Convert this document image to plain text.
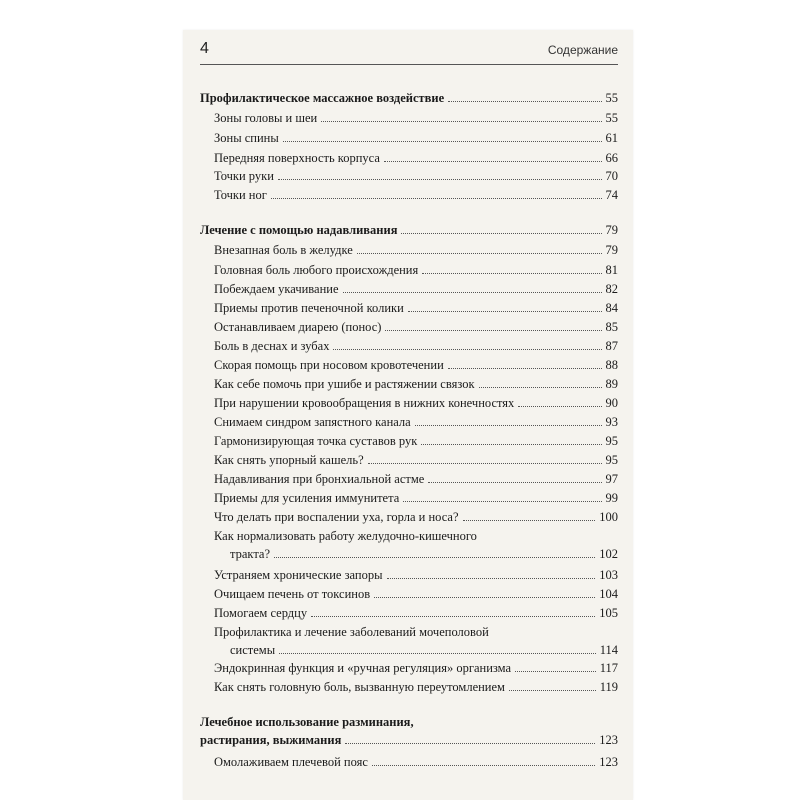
4	Содержание
Профилактическое массажное воздействие	55
Зоны головы и шеи	55
Зоны спины	61
Передняя поверхность корпуса	66
Точки руки	70
Точки ног	74
Лечение с помощью надавливания	79
Внезапная боль в желудке	79
Головная боль любого происхождения	81
Побеждаем укачивание	82
Приемы против печеночной колики	84
Останавливаем диарею (понос)	85
Боль в деснах и зубах	87
Скорая помощь при носовом кровотечении	88
Как себе помочь при ушибе и растяжении связок	89
При нарушении кровообращения в нижних конечностях	90
Снимаем синдром запястного канала	93
Гармонизирующая точка суставов рук	95
Как снять упорный кашель?	95
Надавливания при бронхиальной астме	97
Приемы для усиления иммунитета	99
Что делать при воспалении уха, горла и носа?	100
Как нормализовать работу желудочно-кишечного
тракта?	102
Устраняем хронические запоры	103
Очищаем печень от токсинов	104
Помогаем сердцу	105
Профилактика и лечение заболеваний мочеполовой
системы	114
Эндокринная функция и «ручная регуляция» организма	117
Как снять головную боль, вызванную переутомлением	119
Лечебное использование разминания,
растирания, выжимания	123
Омолаживаем плечевой пояс	123
